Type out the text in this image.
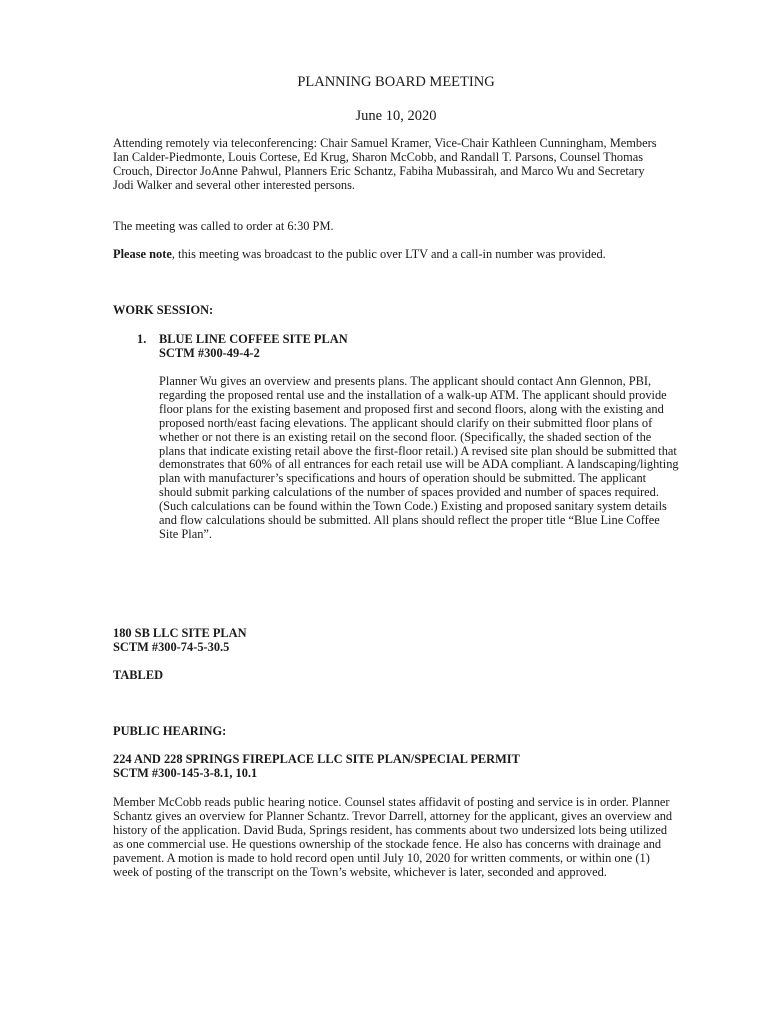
PLANNING BOARD MEETING
June 10, 2020
Attending remotely via teleconferencing: Chair Samuel Kramer, Vice-Chair Kathleen Cunningham, Members Ian Calder-Piedmonte, Louis Cortese, Ed Krug, Sharon McCobb, and Randall T. Parsons, Counsel Thomas Crouch, Director JoAnne Pahwul, Planners Eric Schantz, Fabiha Mubassirah, and Marco Wu and Secretary Jodi Walker and several other interested persons.
The meeting was called to order at 6:30 PM.
Please note, this meeting was broadcast to the public over LTV and a call-in number was provided.
WORK SESSION:
1. BLUE LINE COFFEE SITE PLAN
SCTM #300-49-4-2
Planner Wu gives an overview and presents plans. The applicant should contact Ann Glennon, PBI, regarding the proposed rental use and the installation of a walk-up ATM. The applicant should provide floor plans for the existing basement and proposed first and second floors, along with the existing and proposed north/east facing elevations. The applicant should clarify on their submitted floor plans of whether or not there is an existing retail on the second floor. (Specifically, the shaded section of the plans that indicate existing retail above the first-floor retail.) A revised site plan should be submitted that demonstrates that 60% of all entrances for each retail use will be ADA compliant. A landscaping/lighting plan with manufacturer’s specifications and hours of operation should be submitted. The applicant should submit parking calculations of the number of spaces provided and number of spaces required. (Such calculations can be found within the Town Code.) Existing and proposed sanitary system details and flow calculations should be submitted. All plans should reflect the proper title “Blue Line Coffee Site Plan”.
180 SB LLC SITE PLAN
SCTM #300-74-5-30.5
TABLED
PUBLIC HEARING:
224 AND 228 SPRINGS FIREPLACE LLC SITE PLAN/SPECIAL PERMIT
SCTM #300-145-3-8.1, 10.1
Member McCobb reads public hearing notice. Counsel states affidavit of posting and service is in order. Planner Schantz gives an overview for Planner Schantz. Trevor Darrell, attorney for the applicant, gives an overview and history of the application. David Buda, Springs resident, has comments about two undersized lots being utilized as one commercial use. He questions ownership of the stockade fence. He also has concerns with drainage and pavement. A motion is made to hold record open until July 10, 2020 for written comments, or within one (1) week of posting of the transcript on the Town’s website, whichever is later, seconded and approved.
